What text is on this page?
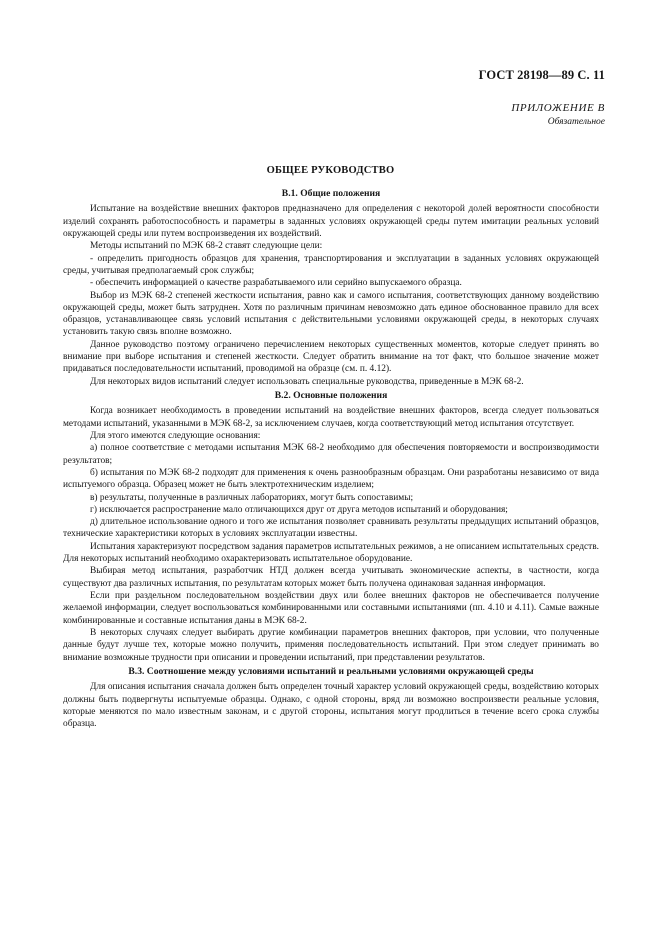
ГОСТ 28198—89 С. 11
ПРИЛОЖЕНИЕ В
Обязательное
ОБЩЕЕ РУКОВОДСТВО
В.1. Общие положения

Испытание на воздействие внешних факторов предназначено для определения с некоторой долей вероятности способности изделий сохранять работоспособность и параметры в заданных условиях окружающей среды путем имитации реальных условий окружающей среды или путем воспроизведения их воздействий.

Методы испытаний по МЭК 68-2 ставят следующие цели:

- определить пригодность образцов для хранения, транспортирования и эксплуатации в заданных условиях окружающей среды, учитывая предполагаемый срок службы;

- обеспечить информацией о качестве разрабатываемого или серийно выпускаемого образца.

Выбор из МЭК 68-2 степеней жесткости испытания, равно как и самого испытания, соответствующих данному воздействию окружающей среды, может быть затруднен. Хотя по различным причинам невозможно дать единое обоснованное правило для всех образцов, устанавливающее связь условий испытания с действительными условиями окружающей среды, в некоторых случаях установить такую связь вполне возможно.

Данное руководство поэтому ограничено перечислением некоторых существенных моментов, которые следует принять во внимание при выборе испытания и степеней жесткости. Следует обратить внимание на тот факт, что большое значение может придаваться последовательности испытаний, проводимой на образце (см. п. 4.12).

Для некоторых видов испытаний следует использовать специальные руководства, приведенные в МЭК 68-2.

В.2. Основные положения

Когда возникает необходимость в проведении испытаний на воздействие внешних факторов, всегда следует пользоваться методами испытаний, указанными в МЭК 68-2, за исключением случаев, когда соответствующий метод испытания отсутствует.

Для этого имеются следующие основания:

а) полное соответствие с методами испытания МЭК 68-2 необходимо для обеспечения повторяемости и воспроизводимости результатов;

б) испытания по МЭК 68-2 подходят для применения к очень разнообразным образцам. Они разработаны независимо от вида испытуемого образца. Образец может не быть электротехническим изделием;

в) результаты, полученные в различных лабораториях, могут быть сопоставимы;

г) исключается распространение мало отличающихся друг от друга методов испытаний и оборудования;

д) длительное использование одного и того же испытания позволяет сравнивать результаты предыдущих испытаний образцов, технические характеристики которых в условиях эксплуатации известны.

Испытания характеризуют посредством задания параметров испытательных режимов, а не описанием испытательных средств. Для некоторых испытаний необходимо охарактеризовать испытательное оборудование.

Выбирая метод испытания, разработчик НТД должен всегда учитывать экономические аспекты, в частности, когда существуют два различных испытания, по результатам которых может быть получена одинаковая заданная информация.

Если при раздельном последовательном воздействии двух или более внешних факторов не обеспечивается получение желаемой информации, следует воспользоваться комбинированными или составными испытаниями (пп. 4.10 и 4.11). Самые важные комбинированные и составные испытания даны в МЭК 68-2.

В некоторых случаях следует выбирать другие комбинации параметров внешних факторов, при условии, что полученные данные будут лучше тех, которые можно получить, применяя последовательность испытаний. При этом следует принимать во внимание возможные трудности при описании и проведении испытаний, при представлении результатов.

В.3. Соотношение между условиями испытаний и реальными условиями окружающей среды

Для описания испытания сначала должен быть определен точный характер условий окружающей среды, воздействию которых должны быть подвергнуты испытуемые образцы. Однако, с одной стороны, вряд ли возможно воспроизвести реальные условия, которые меняются по мало известным законам, и с другой стороны, испытания могут продлиться в течение всего срока службы образца.
